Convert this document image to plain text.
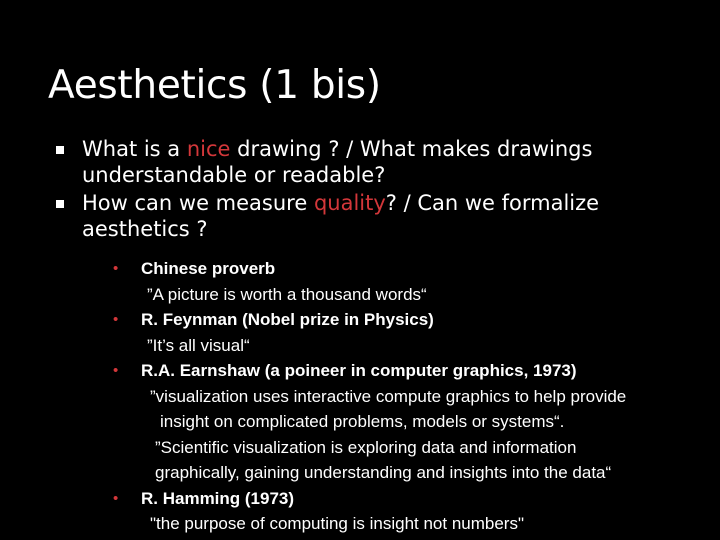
Aesthetics (1 bis)
What is a nice drawing ? / What makes drawings
understandable or readable?
How can we measure quality? / Can we formalize
aesthetics ?
• Chinese proverb
”A picture is worth a thousand words“
• R. Feynman (Nobel prize in Physics)
”It’s all visual“
• R.A. Earnshaw (a poineer in computer graphics, 1973)
”visualization uses interactive compute graphics to help provide
insight on complicated problems, models or systems“.
”Scientific visualization is exploring data and information
graphically, gaining understanding and insights into the data“
• R. Hamming (1973)
"the purpose of computing is insight not numbers"
